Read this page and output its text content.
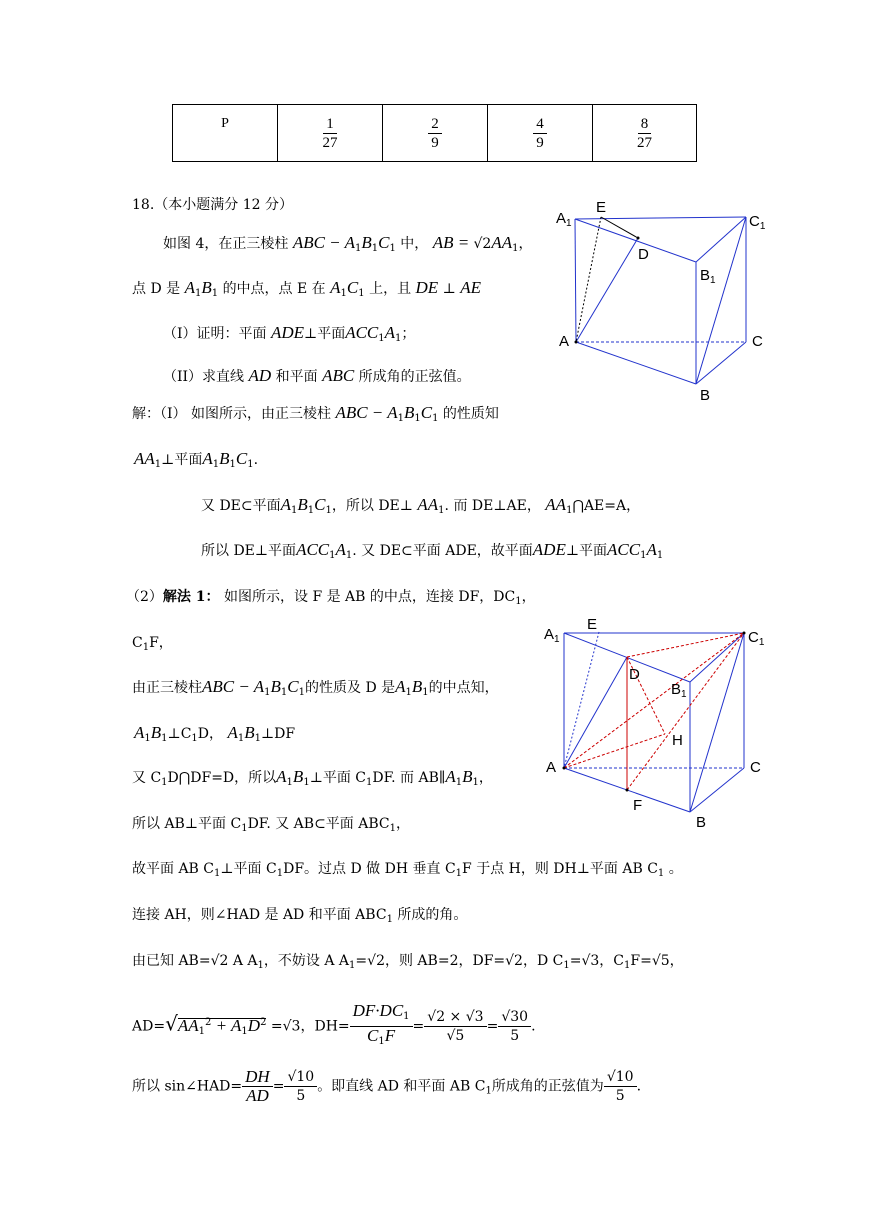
P	$\frac{1}{27}$	$\frac{2}{9}$	$\frac{4}{9}$	$\frac{8}{27}$
18.（本小题满分 12 分）
如图 4，在正三棱柱 ABC − $A_1B_1C_1$ 中， AB = $√2AA_1$，
点 D 是 $A_1B_1$ 的中点，点 E 在 $A_1C_1$ 上，且 DE ⊥ AE
（I）证明：平面 ADE⊥平面$ACC_1A_1$；
（II）求直线 AD 和平面 ABC 所成角的正弦值。
$A_1$
E
$C_1$
D
$B_1$
A	C
B
解：（I） 如图所示，由正三棱柱 ABC − $A_1B_1C_1$ 的性质知
$AA_1\perp$平面$A_1B_1C_1$.
又 DE⊂平面$A_1B_1C_1$，所以 DE⊥ $AA_1$. 而 DE⊥AE， $AA_1⋂AE=A$，
所以 DE⊥平面$ACC_1A_1$. 又 DE⊂平面 ADE，故平面ADE⊥平面$ACC_1A_1$
（2）解法 1： 如图所示，设 F 是 AB 的中点，连接 DF，$DC_1$，
$C_1F$，
由正三棱柱ABC − $A_1B_1C_1$的性质及 D 是$A_1B_1$的中点知，
$A_1B_1\perp C_1D$， $A_1B_1\perp DF$
又 $C_1D⋂DF=D$，所以$A_1B_1\perp$平面 $C_1DF$. 而 $AB\parallel A_1B_1$，
所以 AB⊥平面 $C_1DF$. 又 AB⊂平面 $ABC_1$，
故平面 AB $C_1\perp$平面 $C_1DF$。过点 D 做 DH 垂直 $C_1F$ 于点 H，则 DH⊥平面 AB $C_1$ 。
连接 AH，则∠HAD 是 AD 和平面 $ABC_1$ 所成的角。
由已知 AB=√2 A $A_1$，不妨设 A $A_1=√2$，则 AB=2，DF=√2，D $C_1=√3$，$C_1F=√5$，
$AD=√AA_1^2 + A_1D^2 =√3$，$DH= \frac{DF\cdot DC_1}{C_1F} = \frac{√2 \times √3}{√5} = \frac{√30}{5}$ .
所以 sin∠HAD= $\frac{DH}{AD} = \frac{√10}{5}$ 。即直线 AD 和平面 AB $C_1$所成角的正弦值为 $\frac{√10}{5}$ .
$A_1$
E
$C_1$
D
$B_1$
H
A	C
F
B
